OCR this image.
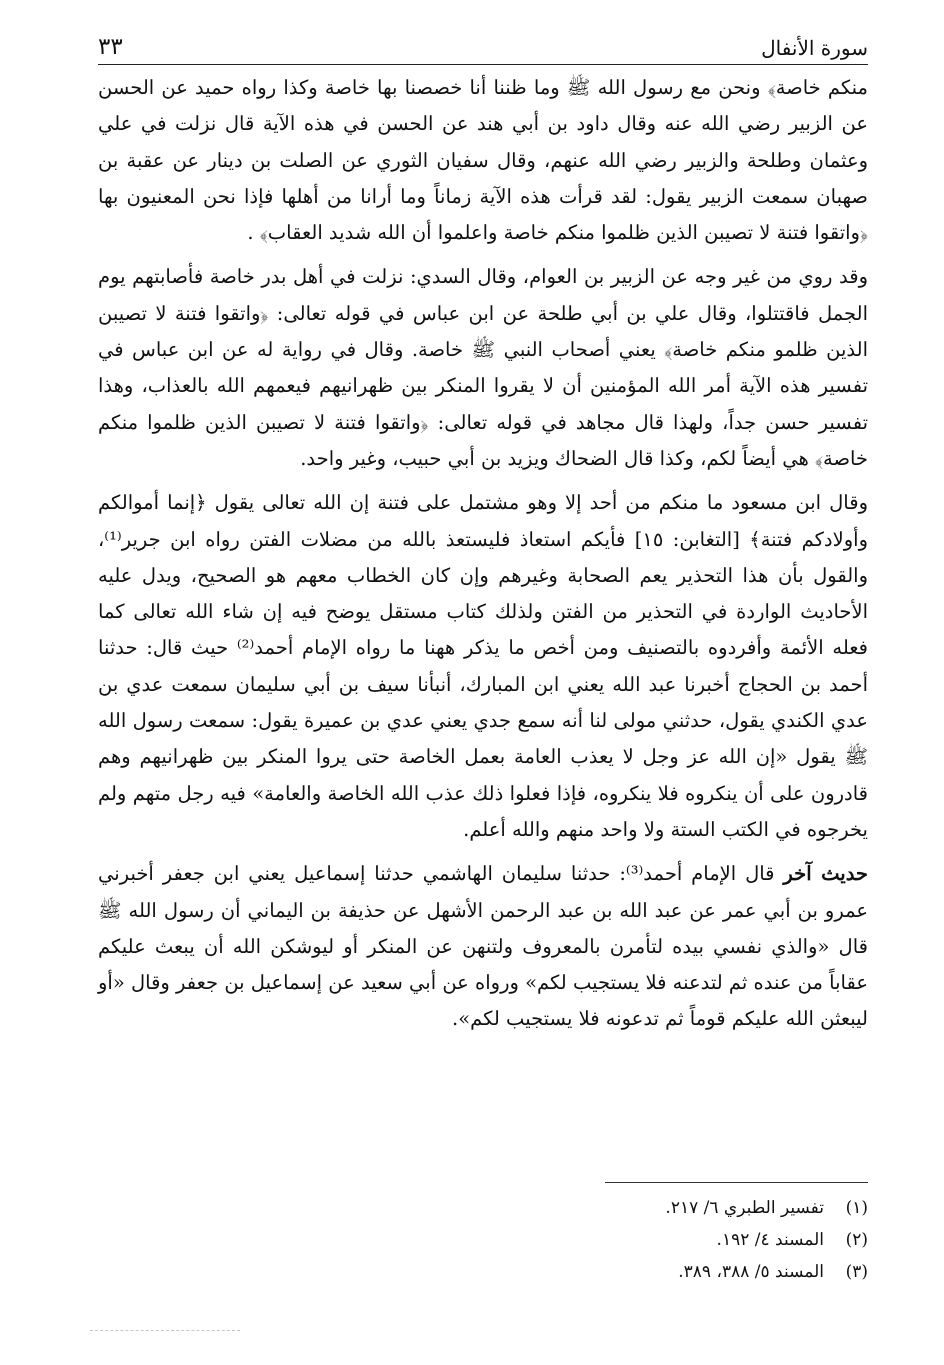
سورة الأنفال
٣٣

منكم خاصة﴾ ونحن مع رسول الله ﷺ وما ظننا أنا خصصنا بها خاصة وكذا رواه حميد عن الحسن عن الزبير رضي الله عنه وقال داود بن أبي هند عن الحسن في هذه الآية قال نزلت في علي وعثمان وطلحة والزبير رضي الله عنهم، وقال سفيان الثوري عن الصلت بن دينار عن عقبة بن صهبان سمعت الزبير يقول: لقد قرأت هذه الآية زماناً وما أرانا من أهلها فإذا نحن المعنيون بها ﴿واتقوا فتنة لا تصيبن الذين ظلموا منكم خاصة واعلموا أن الله شديد العقاب﴾ .

وقد روي من غير وجه عن الزبير بن العوام، وقال السدي: نزلت في أهل بدر خاصة فأصابتهم يوم الجمل فاقتتلوا، وقال علي بن أبي طلحة عن ابن عباس في قوله تعالى: ﴿واتقوا فتنة لا تصيبن الذين ظلمو منكم خاصة﴾ يعني أصحاب النبي ﷺ خاصة. وقال في رواية له عن ابن عباس في تفسير هذه الآية أمر الله المؤمنين أن لا يقروا المنكر بين ظهرانيهم فيعمهم الله بالعذاب، وهذا تفسير حسن جداً، ولهذا قال مجاهد في قوله تعالى: ﴿واتقوا فتنة لا تصيبن الذين ظلموا منكم خاصة﴾ هي أيضاً لكم، وكذا قال الضحاك ويزيد بن أبي حبيب، وغير واحد.

وقال ابن مسعود ما منكم من أحد إلا وهو مشتمل على فتنة إن الله تعالى يقول ﴿إنما أموالكم وأولادكم فتنة﴾ [التغابن: ١٥] فأيكم استعاذ فليستعذ بالله من مضلات الفتن رواه ابن جرير⁽¹⁾، والقول بأن هذا التحذير يعم الصحابة وغيرهم وإن كان الخطاب معهم هو الصحيح، ويدل عليه الأحاديث الواردة في التحذير من الفتن ولذلك كتاب مستقل يوضح فيه إن شاء الله تعالى كما فعله الأئمة وأفردوه بالتصنيف ومن أخص ما يذكر ههنا ما رواه الإمام أحمد⁽²⁾ حيث قال: حدثنا أحمد بن الحجاج أخبرنا عبد الله يعني ابن المبارك، أنبأنا سيف بن أبي سليمان سمعت عدي بن عدي الكندي يقول، حدثني مولى لنا أنه سمع جدي يعني عدي بن عميرة يقول: سمعت رسول الله ﷺ يقول «إن الله عز وجل لا يعذب العامة بعمل الخاصة حتى يروا المنكر بين ظهرانيهم وهم قادرون على أن ينكروه فلا ينكروه، فإذا فعلوا ذلك عذب الله الخاصة والعامة» فيه رجل متهم ولم يخرجوه في الكتب الستة ولا واحد منهم والله أعلم.

حديث آخر قال الإمام أحمد⁽³⁾: حدثنا سليمان الهاشمي حدثنا إسماعيل يعني ابن جعفر أخبرني عمرو بن أبي عمر عن عبد الله بن عبد الرحمن الأشهل عن حذيفة بن اليماني أن رسول الله ﷺ قال «والذي نفسي بيده لتأمرن بالمعروف ولتنهن عن المنكر أو ليوشكن الله أن يبعث عليكم عقاباً من عنده ثم لتدعنه فلا يستجيب لكم» ورواه عن أبي سعيد عن إسماعيل بن جعفر وقال «أو ليبعثن الله عليكم قوماً ثم تدعونه فلا يستجيب لكم».

(١)تفسير الطبري ٦/ ٢١٧.
(٢)المسند ٤/ ١٩٢.
(٣)المسند ٥/ ٣٨٨، ٣٨٩.
